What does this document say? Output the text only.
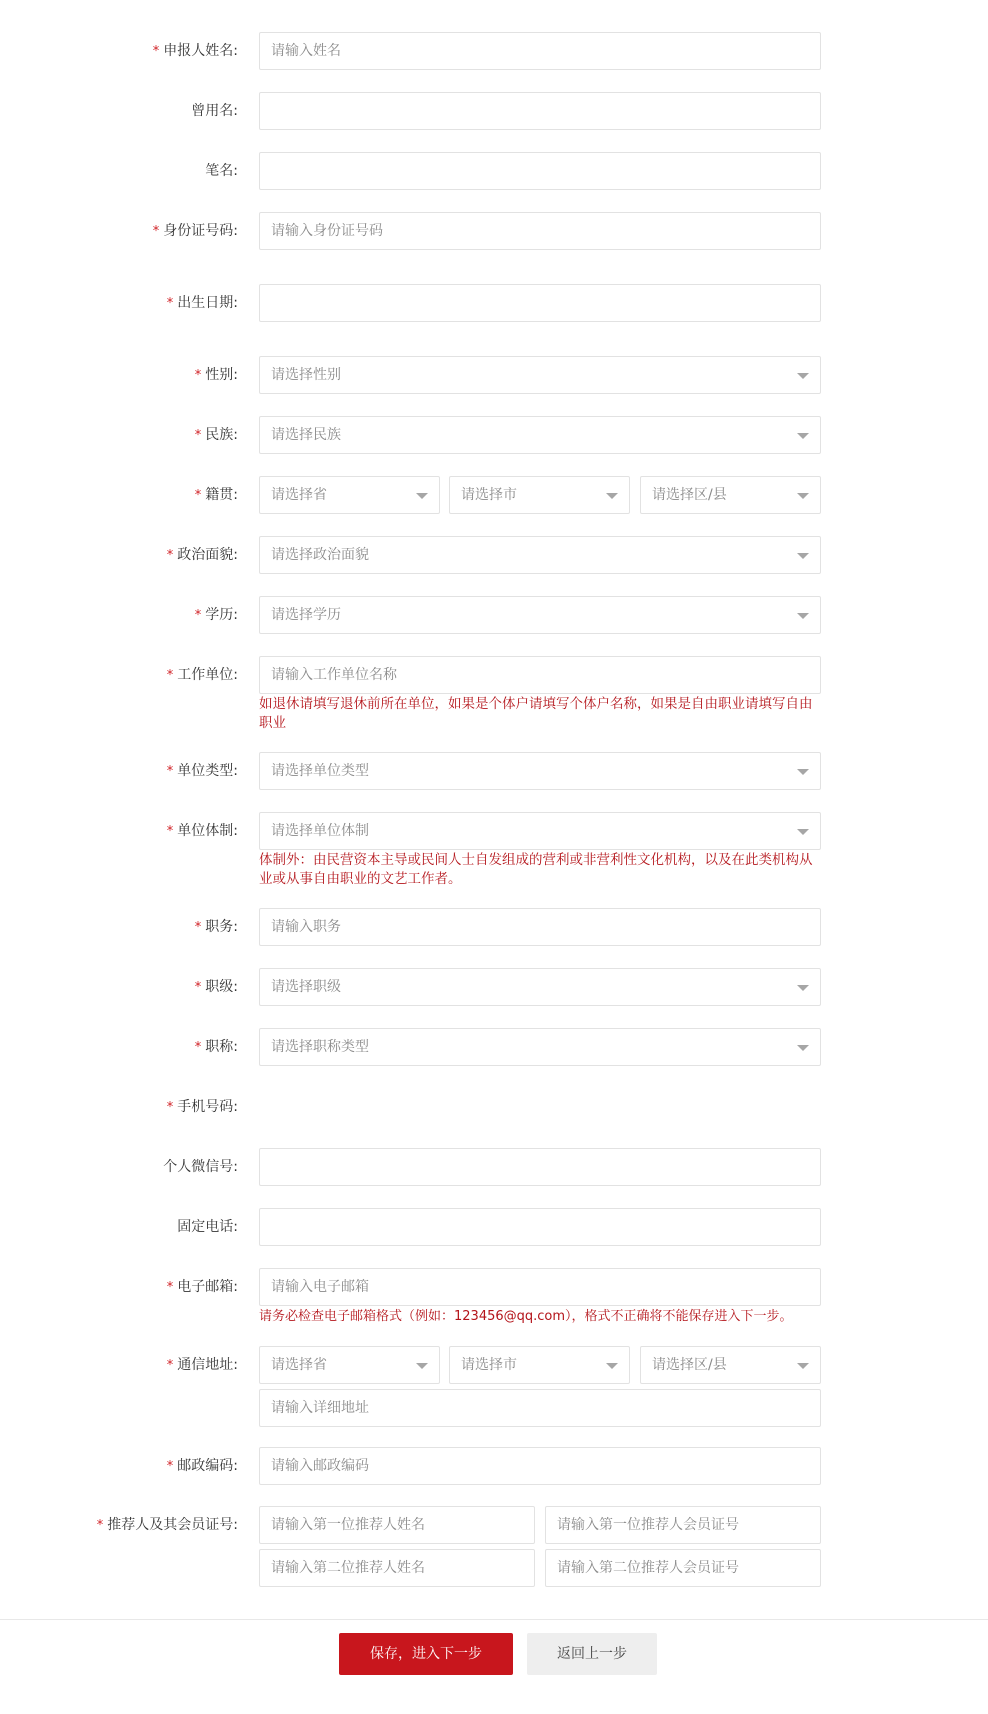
* 申报人姓名:	请输入姓名
曾用名:
笔名:
* 身份证号码:	请输入身份证号码
* 出生日期:
* 性别:	请选择性别
* 民族:	请选择民族
* 籍贯:	请选择省	请选择市	请选择区/县
* 政治面貌:	请选择政治面貌
* 学历:	请选择学历
* 工作单位:	请输入工作单位名称
如退休请填写退休前所在单位，如果是个体户请填写个体户名称，如果是自由职业请填写自由职业
* 单位类型:	请选择单位类型
* 单位体制:	请选择单位体制
体制外：由民营资本主导或民间人士自发组成的营利或非营利性文化机构，以及在此类机构从业或从事自由职业的文艺工作者。
* 职务:	请输入职务
* 职级:	请选择职级
* 职称:	请选择职称类型
* 手机号码:
个人微信号:
固定电话:
* 电子邮箱:	请输入电子邮箱
请务必检查电子邮箱格式（例如：123456@qq.com），格式不正确将不能保存进入下一步。
* 通信地址:	请选择省	请选择市	请选择区/县
请输入详细地址
* 邮政编码:	请输入邮政编码
* 推荐人及其会员证号:	请输入第一位推荐人姓名	请输入第一位推荐人会员证号
请输入第二位推荐人姓名	请输入第二位推荐人会员证号
保存，进入下一步	返回上一步
